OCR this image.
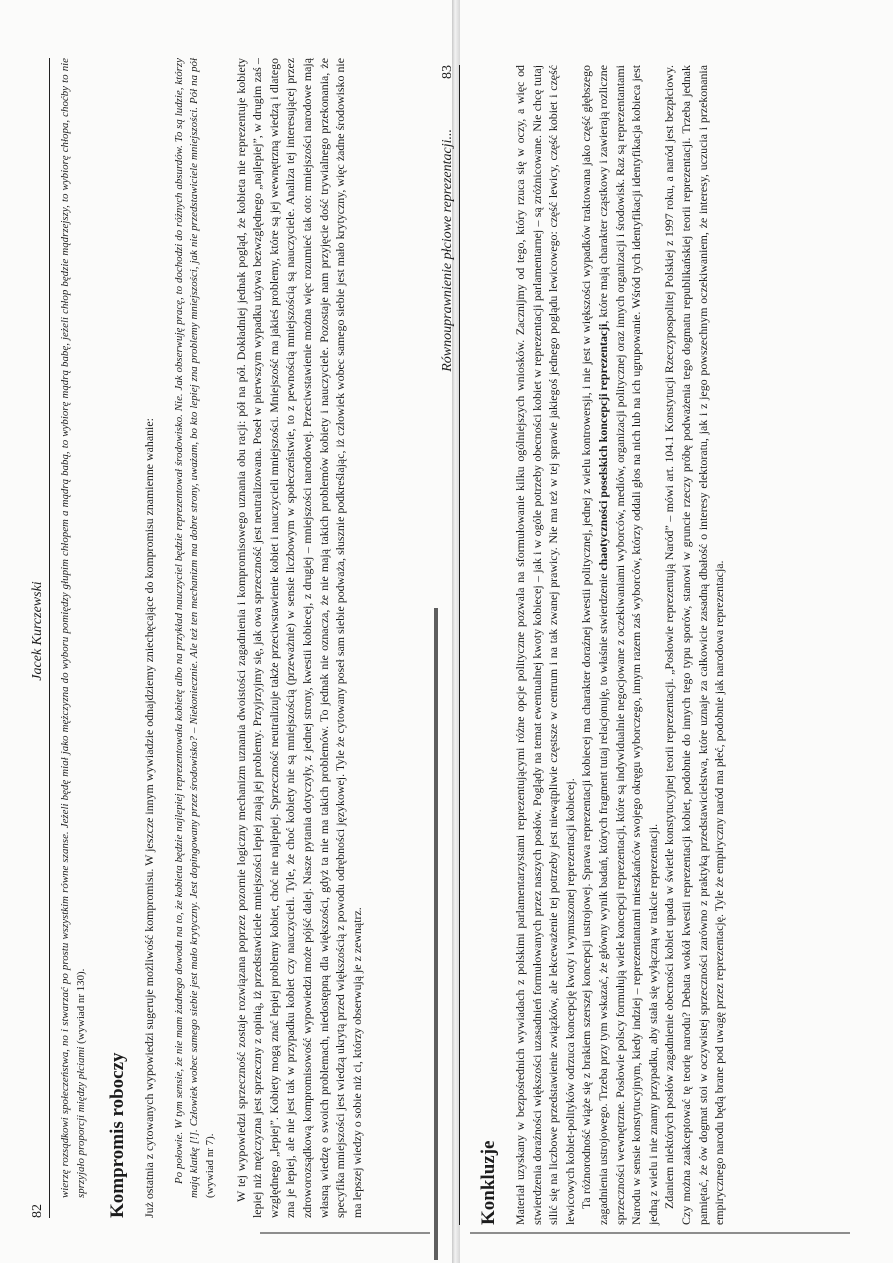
82
Jacek Kurczewski wierzę rozsądkowi społeczeństwa, no i stwarzać po prostu wszystkim równe szanse. Jeżeli będę miał jako mężczyzna do wyboru pomiędzy głupim chłopem a mądrą babą, to wybiorę mądrą babę, jeżeli chłop będzie mądrzejszy, to wybiorę chłopa, choćby to nie sprzyjało proporcji między płciami (wywiad nr 130).

Kompromis roboczy Już ostatnia z cytowanych wypowiedzi sugeruje możliwość kompromisu. W jeszcze innym wywiadzie odnajdziemy zniechęcające do kompromisu znamienne wahanie: Po połowie. W tym sensie, że nie mam żadnego dowodu na to, że kobieta będzie najlepiej reprezentowała kobietę albo na przykład nauczyciel będzie reprezentował środowisko. Nie. Jak obserwuję pracę, to dochodzi do różnych absurdów. To są ludzie, którzy mają klatkę [!]. Człowiek wobec samego siebie jest mało krytyczny. Jest dopingowany przez środowisko? – Niekoniecznie. Ale też ten mechanizm ma dobre strony, uważam, bo kto lepiej zna problemy mniejszości, jak nie przedstawiciele mniejszości. Pół na pół (wywiad nr 7). W tej wypowiedzi sprzeczność zostaje rozwiązana poprzez pozornie logiczny mechanizm uznania dwoistości zagadnienia i kompromisowego uznania obu racji: pół na pół. Dokładniej jednak pogląd, że kobieta nie reprezentuje kobiety lepiej niż mężczyzna jest sprzeczny z opinią, iż przedstawiciele mniejszości lepiej znają jej problemy. Przyjrzyjmy się, jak owa sprzeczność jest neutralizowana. Poseł w pierwszym wypadku używa bezwzględnego „najlepiej”, w drugim zaś – względnego „lepiej”. Kobiety mogą znać lepiej problemy kobiet, choć nie najlepiej. Sprzeczność neutralizuje także przeciwstawienie kobiet i nauczycieli mniejszości. Mniejszość ma jakieś problemy, które są jej wewnętrzną wiedzą i dlatego zna je lepiej, ale nie jest tak w przypadku kobiet czy nauczycieli. Tyle, że choć kobiety nie są mniejszością (przeważnie) w sensie liczbowym w społeczeństwie, to z pewnością mniejszością są nauczyciele. Analiza tej interesującej przez zdroworozsądkową kompromisowość wypowiedzi może pójść dalej. Nasze pytania dotyczyły, z jednej strony, kwestii kobiecej, z drugiej – mniejszości narodowej. Przeciwstawienie można więc rozumieć tak oto: mniejszości narodowe mają własną wiedzę o swoich problemach, niedostępną dla większości, gdyż ta nie ma takich problemów. To jednak nie oznacza, że nie mają takich problemów kobiety i nauczyciele. Pozostaje nam przyjęcie dość trywialnego przekonania, że specyfika mniejszości jest wiedzą ukrytą przed większością z powodu odrębności językowej. Tyle że cytowany poseł sam siebie podważa, słusznie podkreślając, iż człowiek wobec samego siebie jest mało krytyczny, więc żadne środowisko nie ma lepszej wiedzy o sobie niż ci, którzy obserwują je z zewnątrz.

83
Równouprawnienie płciowe reprezentacji...
Konkluzje Materiał uzyskany w bezpośrednich wywiadach z polskimi parlamentarzystami reprezentującymi różne opcje polityczne pozwala na sformułowanie kilku ogólniejszych wniosków. Zacznijmy od tego, który rzuca się w oczy, a więc od stwierdzenia doraźności większości uzasadnień formułowanych przez naszych posłów. Poglądy na temat ewentualnej kwoty kobiecej – jak i w ogóle potrzeby obecności kobiet w reprezentacji parlamentarnej – są zróżnicowane. Nie chcę tutaj silić się na liczbowe przedstawienie związków, ale lekceważenie tej potrzeby jest niewątpliwie częstsze w centrum i na tak zwanej prawicy. Nie ma też w tej sprawie jakiegoś jednego poglądu lewicowego: część lewicy, część kobiet i część lewicowych kobiet-polityków odrzuca koncepcję kwoty i wymuszonej reprezentacji kobiecej. Ta różnorodność wiąże się z brakiem szerszej koncepcji ustrojowej. Sprawa reprezentacji kobiecej ma charakter doraźnej kwestii politycznej, jednej z wielu kontrowersji, i nie jest w większości wypadków traktowana jako część głębszego zagadnienia ustrojowego. Trzeba przy tym wskazać, że główny wynik badań, których fragment tutaj relacjonuję, to właśnie stwierdzenie chaotyczności poselskich koncepcji reprezentacji, które mają charakter cząstkowy i zawierają rozliczne sprzeczności wewnętrzne. Posłowie polscy formułują wiele koncepcji reprezentacji, które są indywidualnie negocjowane z oczekiwaniami wyborców, mediów, organizacji politycznej oraz innych organizacji i środowisk. Raz są reprezentantami Narodu w sensie konstytucyjnym, kiedy indziej – reprezentantami mieszkańców swojego okręgu wyborczego, innym razem zaś wyborców, którzy oddali głos na nich lub na ich ugrupowanie. Wśród tych identyfikacji identyfikacja kobieca jest jedną z wielu i nie znamy przypadku, aby stała się wyłączną w trakcie reprezentacji. Zdaniem niektórych posłów zagadnienie obecności kobiet upada w świetle konstytucyjnej teorii reprezentacji. „Posłowie reprezentują Naród” – mówi art. 104.1 Konstytucji Rzeczypospolitej Polskiej z 1997 roku, a naród jest bezpłciowy. Czy można zaakceptować tę teorię narodu? Debata wokół kwestii reprezentacji kobiet, podobnie do innych tego typu sporów, stanowi w gruncie rzeczy próbę podważenia tego dogmatu republikańskiej teorii reprezentacji. Trzeba jednak pamiętać, że ów dogmat stoi w oczywistej sprzeczności zarówno z praktyką przedstawicielstwa, które uznaje za całkowicie zasadną dbałość o interesy elektoratu, jak i z jego powszechnym oczekiwaniem, że interesy, uczucia i przekonania empirycznego narodu będą brane pod uwagę przez reprezentację. Tyle że empiryczny naród ma płeć, podobnie jak narodowa reprezentacja.
